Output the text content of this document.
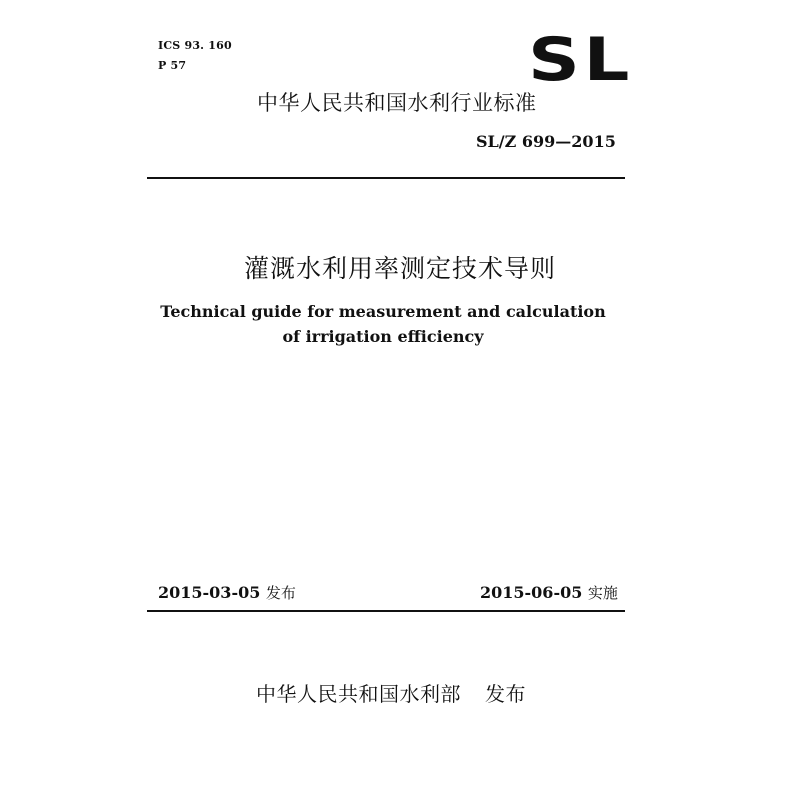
ICS 93. 160
P 57	SL
中华人民共和国水利行业标准
SL/Z 699—2015
灌溉水利用率测定技术导则
Technical guide for measurement and calculation
of irrigation efficiency
2015-03-05 发布	2015-06-05 实施
中华人民共和国水利部 发布
